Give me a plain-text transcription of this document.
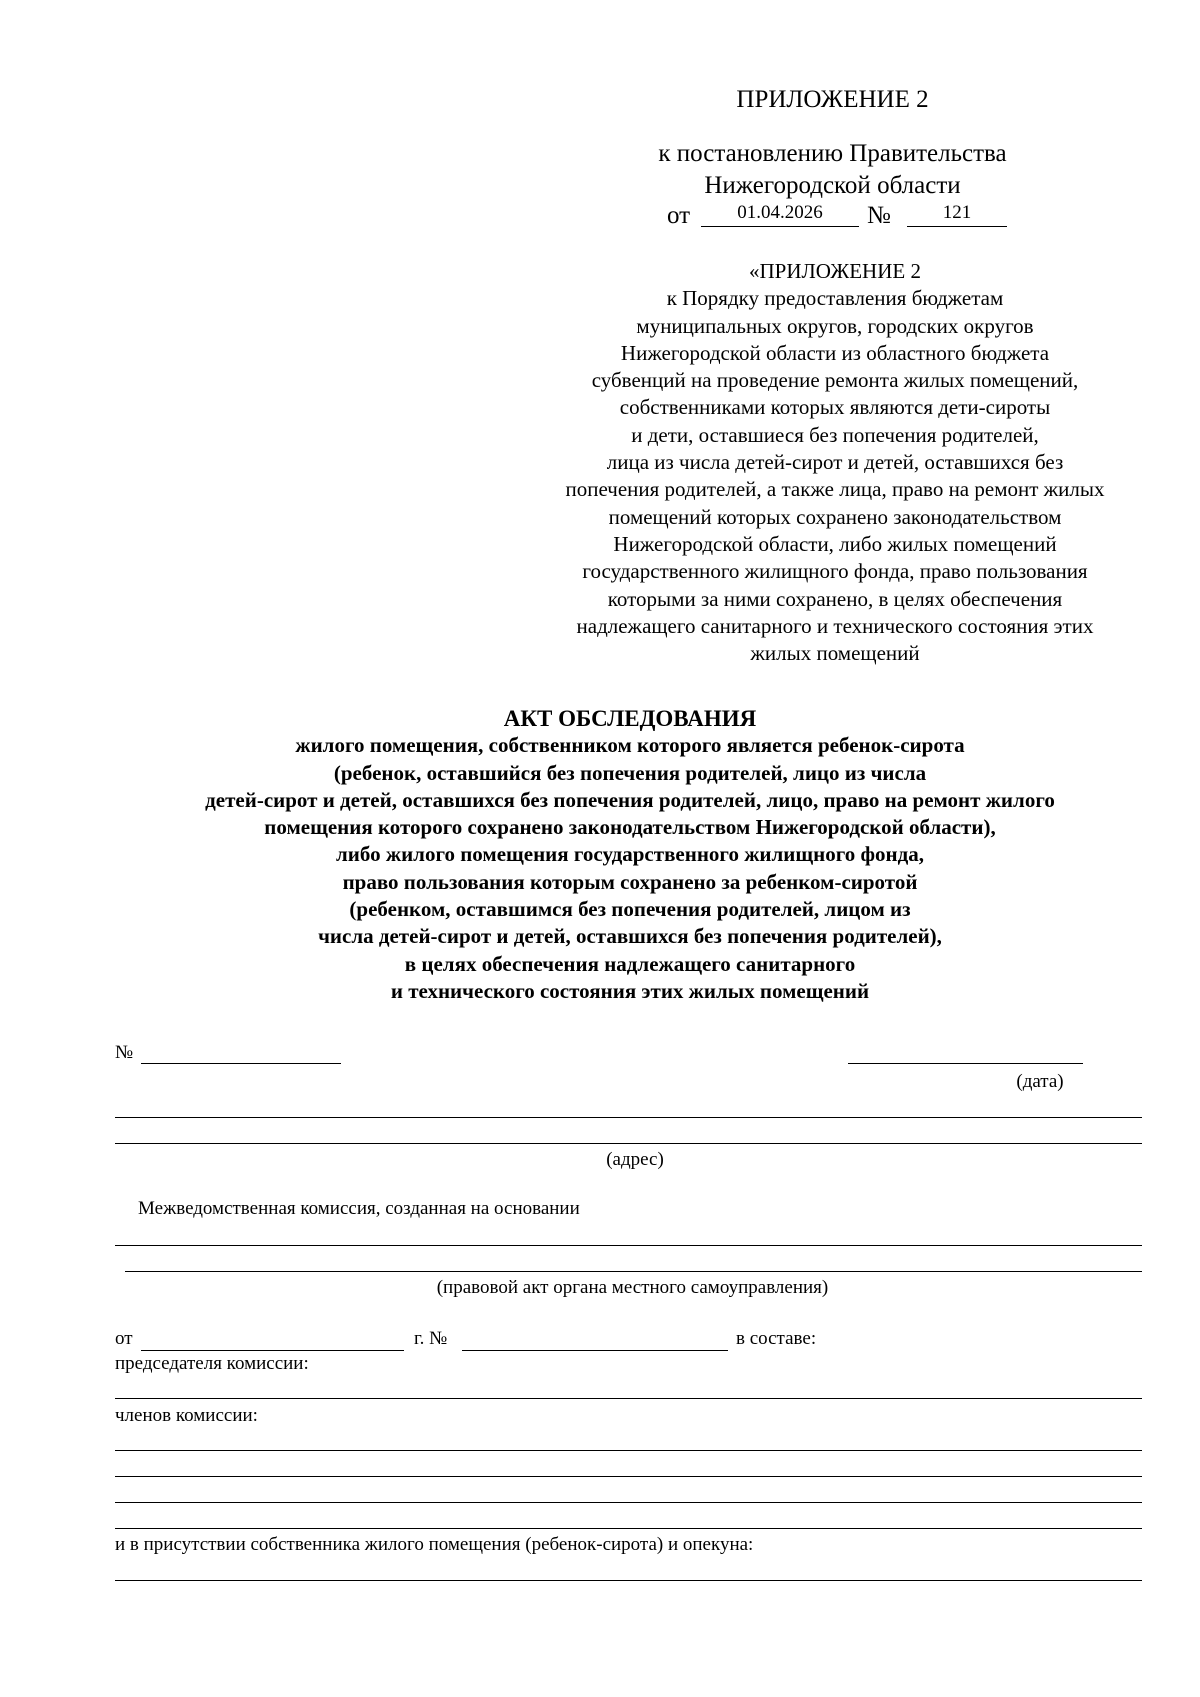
ПРИЛОЖЕНИЕ 2
к постановлению Правительства
Нижегородской области
от	01.04.2026	№	121
«ПРИЛОЖЕНИЕ 2
к Порядку предоставления бюджетам
муниципальных округов, городских округов
Нижегородской области из областного бюджета
субвенций на проведение ремонта жилых помещений,
собственниками которых являются дети-сироты
и дети, оставшиеся без попечения родителей,
лица из числа детей-сирот и детей, оставшихся без
попечения родителей, а также лица, право на ремонт жилых
помещений которых сохранено законодательством
Нижегородской области, либо жилых помещений
государственного жилищного фонда, право пользования
которыми за ними сохранено, в целях обеспечения
надлежащего санитарного и технического состояния этих
жилых помещений
АКТ ОБСЛЕДОВАНИЯ
жилого помещения, собственником которого является ребенок-сирота
(ребенок, оставшийся без попечения родителей, лицо из числа
детей-сирот и детей, оставшихся без попечения родителей, лицо, право на ремонт жилого
помещения которого сохранено законодательством Нижегородской области),
либо жилого помещения государственного жилищного фонда,
право пользования которым сохранено за ребенком-сиротой
(ребенком, оставшимся без попечения родителей, лицом из
числа детей-сирот и детей, оставшихся без попечения родителей),
в целях обеспечения надлежащего санитарного
и технического состояния этих жилых помещений
№
(дата)
(адрес)
Межведомственная комиссия, созданная на основании
(правовой акт органа местного самоуправления)
от	г. №	в составе:
председателя комиссии:
членов комиссии:
и в присутствии собственника жилого помещения (ребенок-сирота) и опекуна:
